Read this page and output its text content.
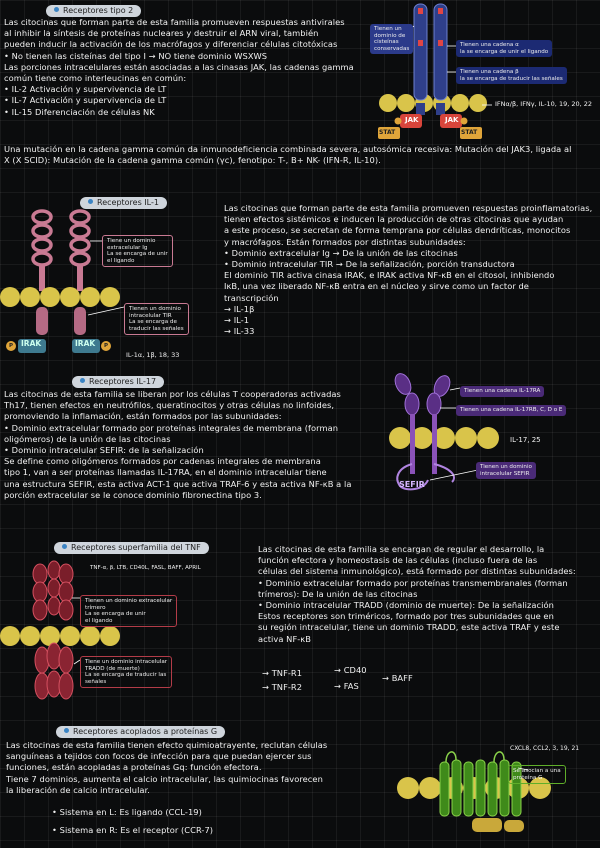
Receptores tipo 2
Las citocinas que forman parte de esta familia promueven respuestas antivirales
al inhibir la síntesis de proteínas nucleares y destruir el ARN viral, también
pueden inducir la activación de los macrófagos y diferenciar células citotóxicas
• No tienen las cisteínas del tipo I → NO tiene dominio WSXWS
Las porciones intracelulares están asociadas a las cinasas JAK, las cadenas gamma
común tiene como interleucinas en común:
• IL-2 Activación y supervivencia de LT
• IL-7 Activación y supervivencia de LT
• IL-15 Diferenciación de células NK
Una mutación en la cadena gamma común da inmunodeficiencia combinada severa, autosómica recesiva: Mutación del JAK3, ligada al
X (X SCID): Mutación de la cadena gamma común (γc), fenotipo: T-, B+ NK- (IFN-R, IL-10).
JAK	JAK
STAT	STAT
Tienen un
dominio de
cisteínas
conservadas
Tienen una cadena α
la se encarga de unir el ligando
Tienen una cadena β
la se encarga de traducir las señales
IFNα/β, IFNγ, IL-10, 19, 20, 22
Receptores IL-1
IRAK	IRAK
P	P
Tiene un dominio
extracelular Ig
La se encarga de unir
el ligando
Tienen un dominio
intracelular TIR
La se encarga de
traducir las señales
IL-1α, 1β, 18, 33
Las citocinas que forman parte de esta familia promueven respuestas proinflamatorias,
tienen efectos sistémicos e inducen la producción de otras citocinas que ayudan
a este proceso, se secretan de forma temprana por células dendríticas, monocitos
y macrófagos. Están formados por distintas subunidades:
• Dominio extracelular Ig → De la unión de las citocinas
• Dominio intracelular TIR → De la señalización, porción transductora
El dominio TIR activa cinasa IRAK, e IRAK activa NF-κB en el citosol, inhibiendo
IκB, una vez liberado NF-κB entra en el núcleo y sirve como un factor de
transcripción
→ IL-1β
→ IL-1
→ IL-33
Receptores IL-17
Las citocinas de esta familia se liberan por los células T cooperadoras activadas
Th17, tienen efectos en neutrófilos, queratinocitos y otras células no linfoides,
promoviendo la inflamación, están formados por las subunidades:
• Dominio extracelular formado por proteínas integrales de membrana (forman
oligómeros) de la unión de las citocinas
• Dominio intracelular SEFIR: de la señalización
Se define como oligómeros formados por cadenas integrales de membrana
tipo 1, van a ser proteínas llamadas IL-17RA, en el dominio intracelular tiene
una estructura SEFIR, esta activa ACT-1 que activa TRAF-6 y esta activa NF-κB a la
porción extracelular se le conoce dominio fibronectina tipo 3.
SEFIR
Tienen una cadena IL-17RA
Tienen una cadena IL-17RB, C, D o E
Tienen un dominio
intracelular SEFIR
IL-17, 25
Receptores superfamilia del TNF
TNF-α, β, LTB, CD40L, FASL, BAFF, APRIL
Tienen un dominio extracelular
trímero
La se encarga de unir
el ligando
Tiene un dominio intracelular
TRADD (de muerte)
La se encarga de traducir las
señales
Las citocinas de esta familia se encargan de regular el desarrollo, la
función efectora y homeostasis de las células (incluso fuera de las
células del sistema inmunológico), está formado por distintas subunidades:
• Dominio extracelular formado por proteínas transmembranales (forman
trímeros): De la unión de las citocinas
• Dominio intracelular TRADD (dominio de muerte): De la señalización
Estos receptores son triméricos, formado por tres subunidades que en
su región intracelular, tiene un dominio TRADD, este activa TRAF y este
activa NF-κB
→ TNF-R1
→ TNF-R2
→ CD40
→ FAS
→ BAFF
Receptores acoplados a proteínas G
Las citocinas de esta familia tienen efecto quimioatrayente, reclutan células
sanguíneas a tejidos con focos de infección para que puedan ejercer sus
funciones, están acopladas a proteínas Gq: función efectora.
Tiene 7 dominios, aumenta el calcio intracelular, las quimiocinas favorecen
la liberación de calcio intracelular.
• Sistema en L: Es ligando (CCL-19)
• Sistema en R: Es el receptor (CCR-7)
CXCL8, CCL2, 3, 19, 21
Se asocian a una
proteína G
